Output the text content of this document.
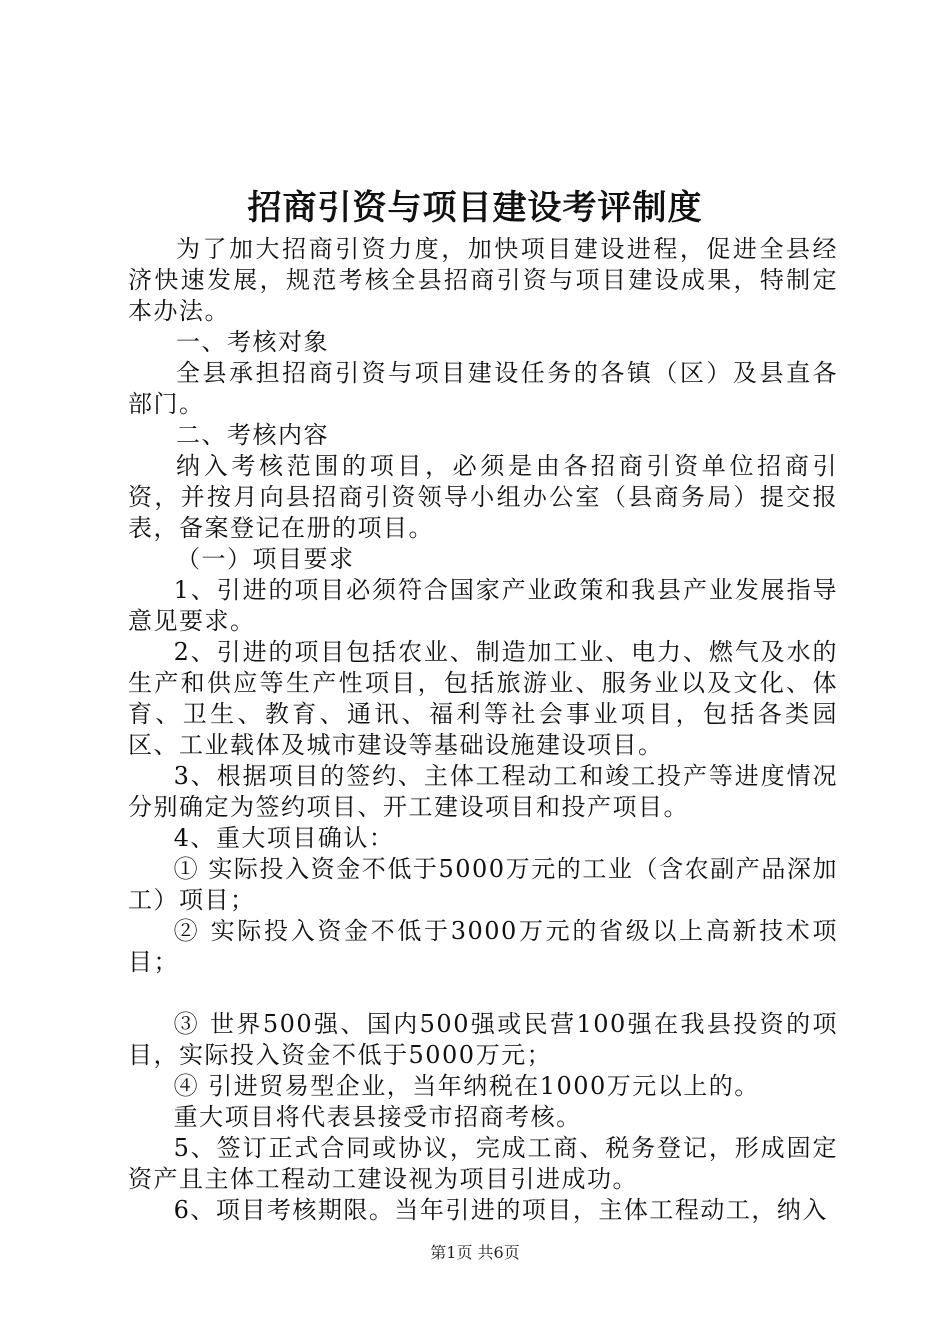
招商引资与项目建设考评制度

为了加大招商引资力度，加快项目建设进程，促进全县经济快速发展，规范考核全县招商引资与项目建设成果，特制定本办法。

一、考核对象

全县承担招商引资与项目建设任务的各镇（区）及县直各部门。

二、考核内容

纳入考核范围的项目，必须是由各招商引资单位招商引资，并按月向县招商引资领导小组办公室（县商务局）提交报表，备案登记在册的项目。

（一）项目要求

1、引进的项目必须符合国家产业政策和我县产业发展指导意见要求。

2、引进的项目包括农业、制造加工业、电力、燃气及水的生产和供应等生产性项目，包括旅游业、服务业以及文化、体育、卫生、教育、通讯、福利等社会事业项目，包括各类园区、工业载体及城市建设等基础设施建设项目。

3、根据项目的签约、主体工程动工和竣工投产等进度情况分别确定为签约项目、开工建设项目和投产项目。

4、重大项目确认：

① 实际投入资金不低于5000万元的工业（含农副产品深加工）项目；

② 实际投入资金不低于3000万元的省级以上高新技术项目；

③ 世界500强、国内500强或民营100强在我县投资的项目，实际投入资金不低于5000万元；

④ 引进贸易型企业，当年纳税在1000万元以上的。

重大项目将代表县接受市招商考核。

5、签订正式合同或协议，完成工商、税务登记，形成固定资产且主体工程动工建设视为项目引进成功。

6、项目考核期限。当年引进的项目，主体工程动工，纳入

第1页 共6页
